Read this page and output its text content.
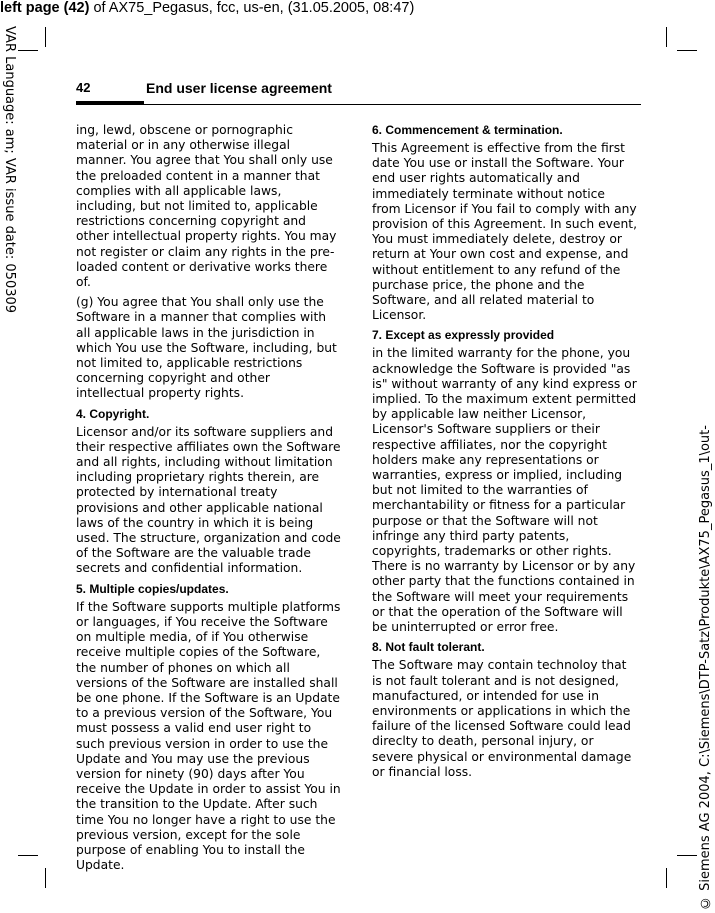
left page (42) of AX75_Pegasus, fcc, us-en, (31.05.2005, 08:47)
VAR Language: am; VAR issue date: 050309
© Siemens AG 2004, C:\Siemens\DTP-Satz\Produkte\AX75_Pegasus_1\out-
42	End user license agreement

ing, lewd, obscene or pornographic material or in any otherwise illegal manner. You agree that You shall only use the preloaded content in a manner that complies with all applicable laws, including, but not limited to, applicable restrictions concerning copyright and other intellectual property rights. You may not register or claim any rights in the pre-loaded content or derivative works there of.

(g) You agree that You shall only use the Software in a manner that complies with all applicable laws in the jurisdiction in which You use the Software, including, but not limited to, applicable restrictions concerning copyright and other intellectual property rights.

4. Copyright.

Licensor and/or its software suppliers and their respective affiliates own the Software and all rights, including without limitation including proprietary rights therein, are protected by international treaty provisions and other applicable national laws of the country in which it is being used. The structure, organization and code of the Software are the valuable trade secrets and confidential information.

5. Multiple copies/updates.

If the Software supports multiple platforms or languages, if You receive the Software on multiple media, of if You otherwise receive multiple copies of the Software, the number of phones on which all versions of the Software are installed shall be one phone. If the Software is an Update to a previous version of the Software, You must possess a valid end user right to such previous version in order to use the Update and You may use the previous version for ninety (90) days after You receive the Update in order to assist You in the transition to the Update. After such time You no longer have a right to use the previous version, except for the sole purpose of enabling You to install the Update.

6. Commencement & termination.

This Agreement is effective from the first date You use or install the Software. Your end user rights automatically and immediately terminate without notice from Licensor if You fail to comply with any provision of this Agreement. In such event, You must immediately delete, destroy or return at Your own cost and expense, and without entitlement to any refund of the purchase price, the phone and the Software, and all related material to Licensor.

7. Except as expressly provided

in the limited warranty for the phone, you acknowledge the Software is provided "as is" without warranty of any kind express or implied. To the maximum extent permitted by applicable law neither Licensor, Licensor's Software suppliers or their respective affiliates, nor the copyright holders make any representations or warranties, express or implied, including but not limited to the warranties of merchantability or fitness for a particular purpose or that the Software will not infringe any third party patents, copyrights, trademarks or other rights. There is no warranty by Licensor or by any other party that the functions contained in the Software will meet your requirements or that the operation of the Software will be uninterrupted or error free.

8. Not fault tolerant.

The Software may contain technoloy that is not fault tolerant and is not designed, manufactured, or intended for use in environments or applications in which the failure of the licensed Software could lead direclty to death, personal injury, or severe physical or environmental damage or financial loss.
